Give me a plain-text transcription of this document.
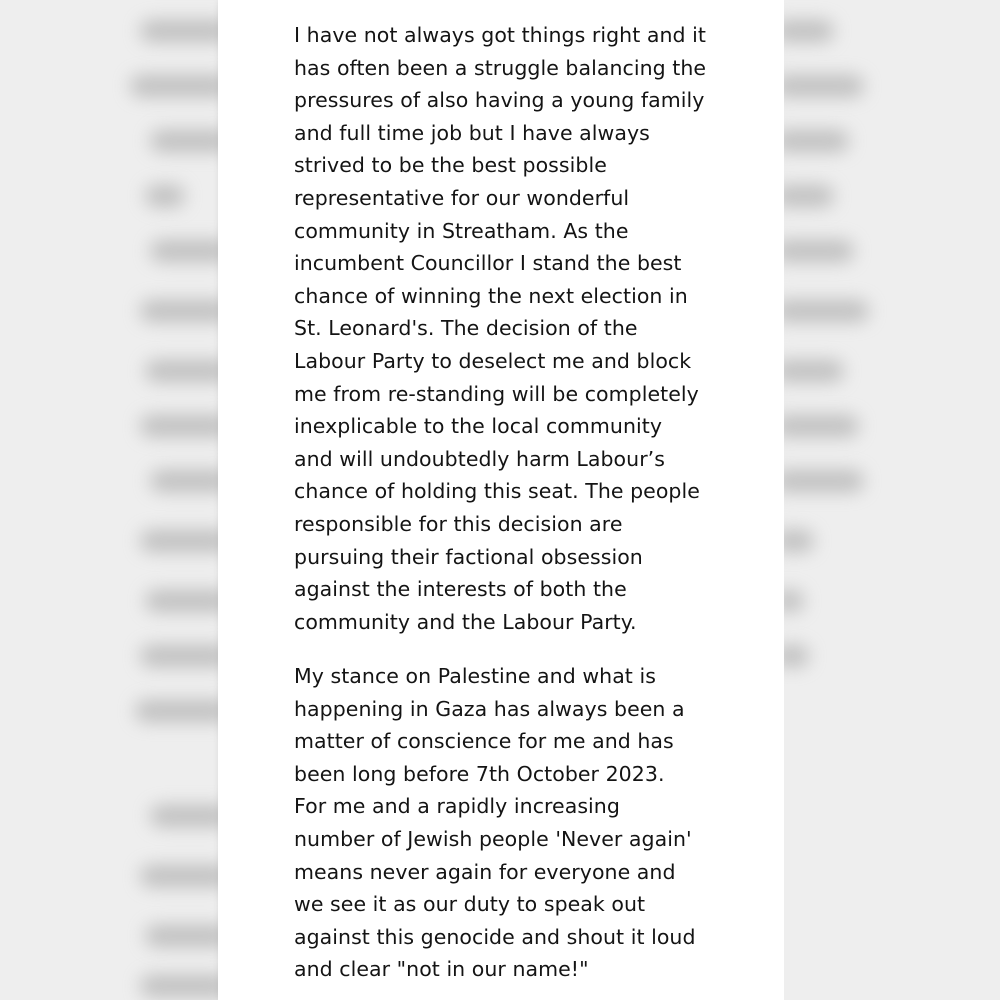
I have not always got things right and it
has often been a struggle balancing the
pressures of also having a young family
and full time job but I have always
strived to be the best possible
representative for our wonderful
community in Streatham. As the
incumbent Councillor I stand the best
chance of winning the next election in
St. Leonard's. The decision of the
Labour Party to deselect me and block
me from re-standing will be completely
inexplicable to the local community
and will undoubtedly harm Labour’s
chance of holding this seat. The people
responsible for this decision are
pursuing their factional obsession
against the interests of both the
community and the Labour Party.
My stance on Palestine and what is
happening in Gaza has always been a
matter of conscience for me and has
been long before 7th October 2023.
For me and a rapidly increasing
number of Jewish people 'Never again'
means never again for everyone and
we see it as our duty to speak out
against this genocide and shout it loud
and clear "not in our name!"
